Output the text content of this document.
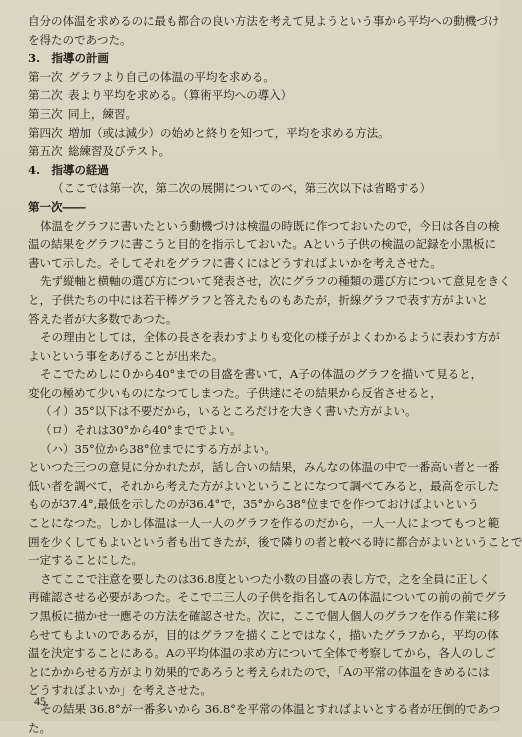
自分の体温を求めるのに最も都合の良い方法を考えて見ようという事から平均への動機づけ
を得たのであつた。
3.　指導の計画
第一次 グラフより自己の体温の平均を求める。
第二次 表より平均を求める。（算術平均への導入）
第三次 同上，練習。
第四次 増加（或は減少）の始めと終りを知つて，平均を求める方法。
第五次 総練習及びテスト。
4.　指導の経過
（ここでは第一次，第二次の展開についてのべ，第三次以下は省略する）
第一次――
体温をグラフに書いたという動機づけは検温の時既に作つておいたので，今日は各自の検
温の結果をグラフに書こうと目的を指示しておいた。Aという子供の検温の記録を小黒板に
書いて示した。そしてそれをグラフに書くにはどうすればよいかを考えさせた。
先ず縦軸と横軸の選び方について発表させ，次にグラフの種類の選び方について意見をきく
と，子供たちの中には若干棒グラフと答えたものもあたが，折線グラフで表す方がよいと
答えた者が大多数であつた。
その理由としては，全体の長さを表わすよりも変化の様子がよくわかるように表わす方が
よいという事をあげることが出来た。
そこでためしに０から40°までの目盛を書いて，A子の体温のグラフを描いて見ると，
変化の極めて少いものになつてしまつた。子供達にその結果から反省させると，
（イ）35°以下は不要だから，いるところだけを大きく書いた方がよい。
（ロ）それは30°から40°まででよい。
（ハ）35°位から38°位までにする方がよい。
といつた三つの意見に分かれたが，話し合いの結果，みんなの体温の中で一番高い者と一番
低い者を調べて，それから考えた方がよいということになつて調べてみると，最高を示した
ものが37.4°,最低を示したのが36.4°で，35°から38°位までを作つておけばよいという
ことになつた。しかし体温は一人一人のグラフを作るのだから，一人一人によつてもつと範
囲を少くしてもよいという者も出てきたが，後で隣りの者と較べる時に都合がよいということで
一定することにした。
さてここで注意を要したのは36.8度といつた小数の目盛の表し方で，之を全員に正しく
再確認させる必要があつた。そこで二三人の子供を指名してAの体温についての前の前でグラ
フ黒板に描かせ一應その方法を確認させた。次に，ここで個人個人のグラフを作る作業に移
らせてもよいのであるが，目的はグラフを描くことではなく，描いたグラフから，平均の体
温を決定することにある。Aの平均体温の求め方について全体で考察してから，各人のしご
とにかからせる方がより効果的であろうと考えられたので，「Aの平常の体温をきめるには
どうすればよいか」を考えさせた。
その結果 36.8°が一番多いから 36.8°を平常の体温とすればよいとする者が圧倒的であつ
た。
45
